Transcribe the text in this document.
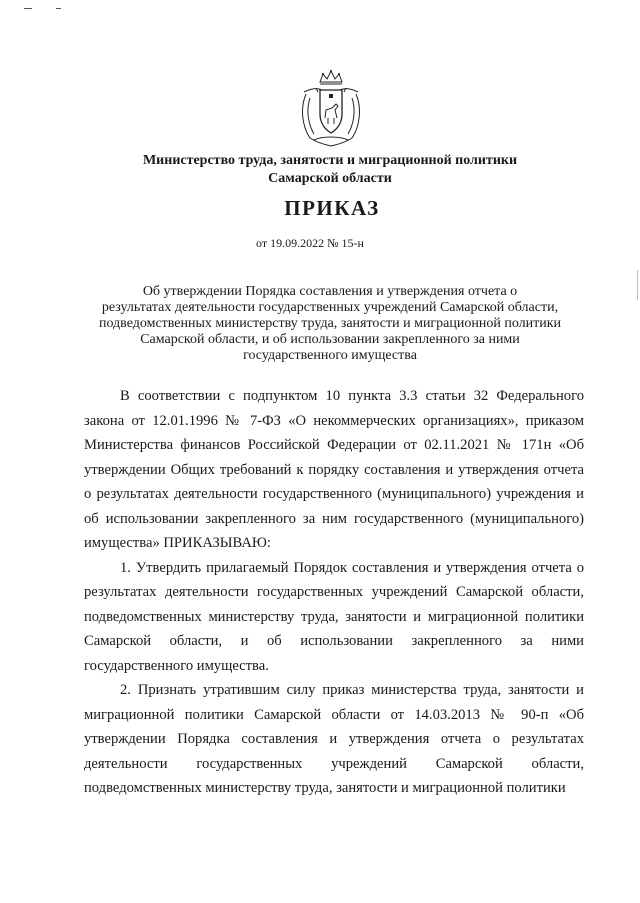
Министерство труда, занятости и миграционной политики
Самарской области
ПРИКАЗ
от 19.09.2022 № 15-н
Об утверждении Порядка составления и утверждения отчета о
результатах деятельности государственных учреждений Самарской области,
подведомственных министерству труда, занятости и миграционной политики
Самарской области, и об использовании закрепленного за ними
государственного имущества

В соответствии с подпунктом 10 пункта 3.3 статьи 32 Федерального закона от 12.01.1996 № 7-ФЗ «О некоммерческих организациях», приказом Министерства финансов Российской Федерации от 02.11.2021 № 171н «Об утверждении Общих требований к порядку составления и утверждения отчета о результатах деятельности государственного (муниципального) учреждения и об использовании закрепленного за ним государственного (муниципального) имущества» ПРИКАЗЫВАЮ:

1. Утвердить прилагаемый Порядок составления и утверждения отчета о результатах деятельности государственных учреждений Самарской области, подведомственных министерству труда, занятости и миграционной политики Самарской области, и об использовании закрепленного за ними государственного имущества.

2. Признать утратившим силу приказ министерства труда, занятости и миграционной политики Самарской области от 14.03.2013 № 90-п «Об утверждении Порядка составления и утверждения отчета о результатах деятельности государственных учреждений Самарской области, подведомственных министерству труда, занятости и миграционной политики
